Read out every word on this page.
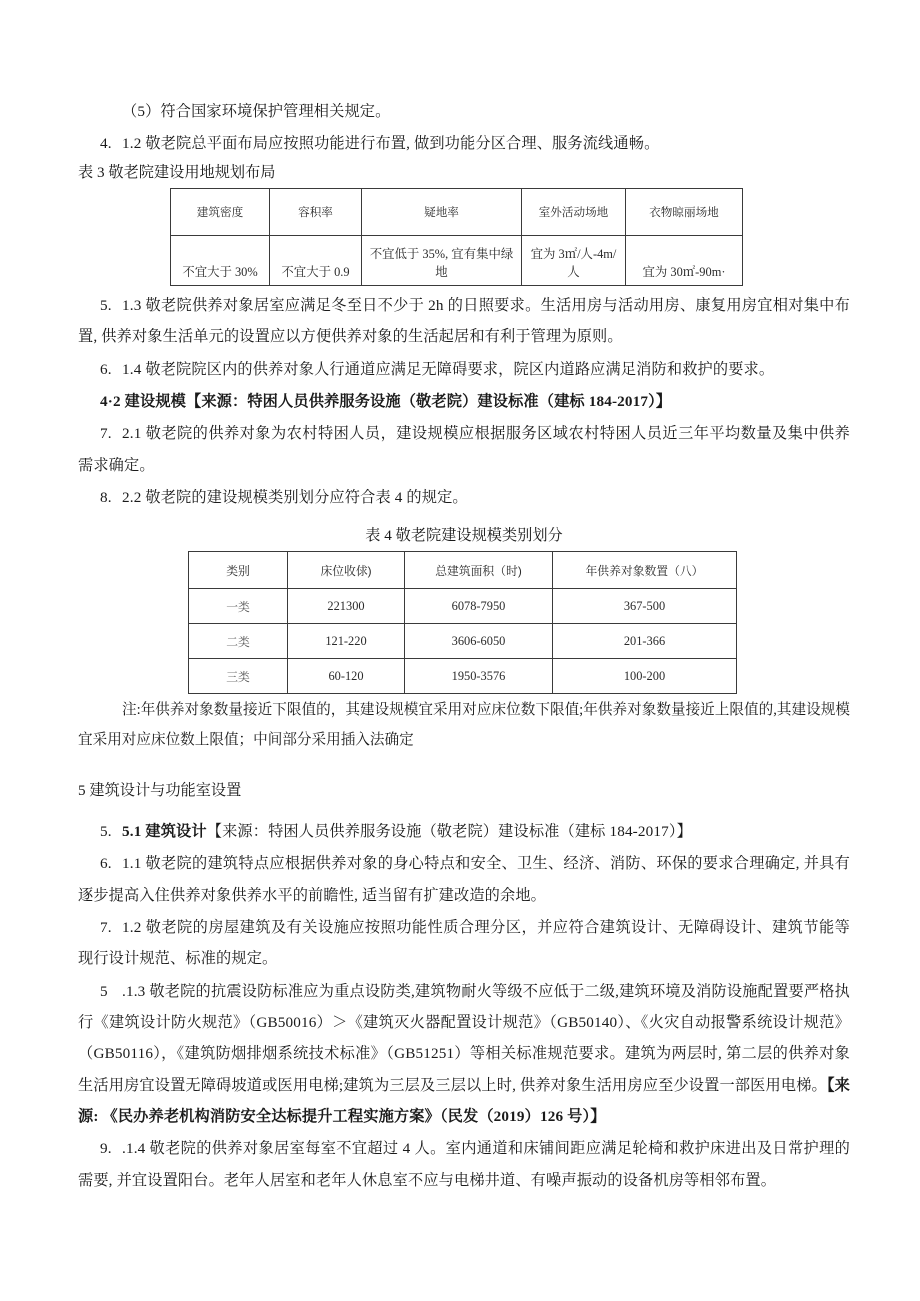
（5）符合国家环境保护管理相关规定。

4. 1.2 敬老院总平面布局应按照功能进行布置, 做到功能分区合理、服务流线通畅。

表 3 敬老院建设用地规划布局

建筑密度	容积率	疑地率	室外活动场地	衣物晾丽场地
不宜大于 30%	不宜大于 0.9	不宜低于 35%, 宜有集中绿地	宜为 3㎡/人-4m/人	宜为 30㎡-90m·

5. 1.3 敬老院供养对象居室应满足冬至日不少于 2h 的日照要求。生活用房与活动用房、康复用房宜相对集中布置, 供养对象生活单元的设置应以方便供养对象的生活起居和有利于管理为原则。

6. 1.4 敬老院院区内的供养对象人行通道应满足无障碍要求，院区内道路应满足消防和救护的要求。

4·2 建设规模【来源：特困人员供养服务设施（敬老院）建设标准（建标 184-2017）】

7. 2.1 敬老院的供养对象为农村特困人员，建设规模应根据服务区域农村特困人员近三年平均数量及集中供养需求确定。

8. 2.2 敬老院的建设规模类别划分应符合表 4 的规定。

表 4 敬老院建设规模类别划分

类别	床位收俅)	总建筑面积（时)	年供养对象数置（八）
一类	221300	6078-7950	367-500
二类	121-220	3606-6050	201-366
三类	60-120	1950-3576	100-200

注:年供养对象数量接近下限值的，其建设规模宜采用对应床位数下限值;年供养对象数量接近上限值的,其建设规模宜采用对应床位数上限值；中间部分采用插入法确定

5 建筑设计与功能室设置

5. 5.1 建筑设计【来源：特困人员供养服务设施（敬老院）建设标准（建标 184-2017）】

6. 1.1 敬老院的建筑特点应根据供养对象的身心特点和安全、卫生、经济、消防、环保的要求合理确定, 并具有逐步提高入住供养对象供养水平的前瞻性, 适当留有扩建改造的余地。

7. 1.2 敬老院的房屋建筑及有关设施应按照功能性质合理分区，并应符合建筑设计、无障碍设计、建筑节能等现行设计规范、标准的规定。

5 .1.3 敬老院的抗震设防标准应为重点设防类,建筑物耐火等级不应低于二级,建筑环境及消防设施配置要严格执行《建筑设计防火规范》（GB50016）＞《建筑灭火器配置设计规范》（GB50140）、《火灾自动报警系统设计规范》（GB50116），《建筑防烟排烟系统技术标准》（GB51251）等相关标准规范要求。建筑为两层时, 第二层的供养对象生活用房宜设置无障碍坡道或医用电梯;建筑为三层及三层以上时, 供养对象生活用房应至少设置一部医用电梯。【来源: 《民办养老机构消防安全达标提升工程实施方案》（民发（2019）126 号）】

9. .1.4 敬老院的供养对象居室每室不宜超过 4 人。室内通道和床铺间距应满足轮椅和救护床进出及日常护理的需要, 并宜设置阳台。老年人居室和老年人休息室不应与电梯井道、有噪声振动的设备机房等相邻布置。
